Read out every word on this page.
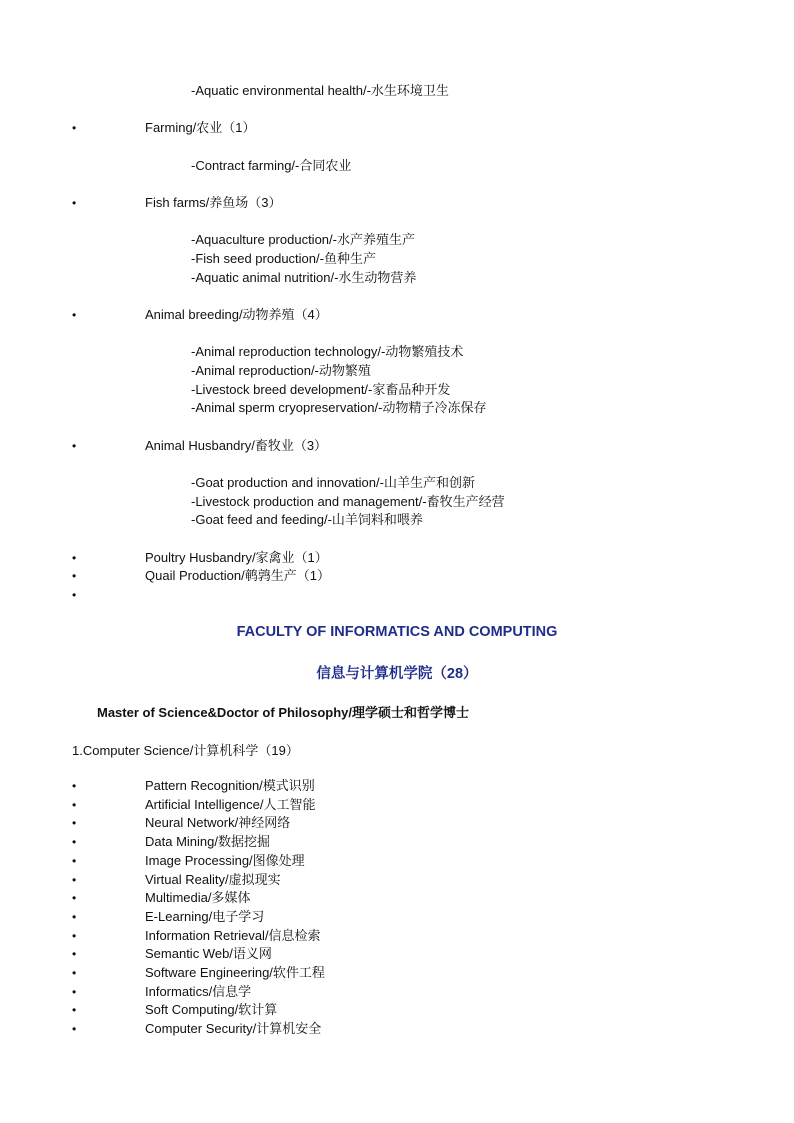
-Aquatic environmental health/-水生环境卫生
•	Farming/农业（1）
-Contract farming/-合同农业
•	Fish farms/养鱼场（3）
-Aquaculture production/-水产养殖生产
-Fish seed production/-鱼种生产
-Aquatic animal nutrition/-水生动物营养
•	Animal breeding/动物养殖（4）
-Animal reproduction technology/-动物繁殖技术
-Animal reproduction/-动物繁殖
-Livestock breed development/-家畜品种开发
-Animal sperm cryopreservation/-动物精子冷冻保存
•	Animal Husbandry/畜牧业（3）
-Goat production and innovation/-山羊生产和创新
-Livestock production and management/-畜牧生产经营
-Goat feed and feeding/-山羊饲料和喂养
•	Poultry Husbandry/家禽业（1）
•	Quail Production/鹌鹑生产（1）
•
FACULTY OF INFORMATICS AND COMPUTING
信息与计算机学院（28）
Master of Science&Doctor of Philosophy/理学硕士和哲学博士
1.Computer Science/计算机科学（19）
•	Pattern Recognition/模式识别
•	Artificial Intelligence/人工智能
•	Neural Network/神经网络
•	Data Mining/数据挖掘
•	Image Processing/图像处理
•	Virtual Reality/虚拟现实
•	Multimedia/多媒体
•	E-Learning/电子学习
•	Information Retrieval/信息检索
•	Semantic Web/语义网
•	Software Engineering/软件工程
•	Informatics/信息学
•	Soft Computing/软计算
•	Computer Security/计算机安全
